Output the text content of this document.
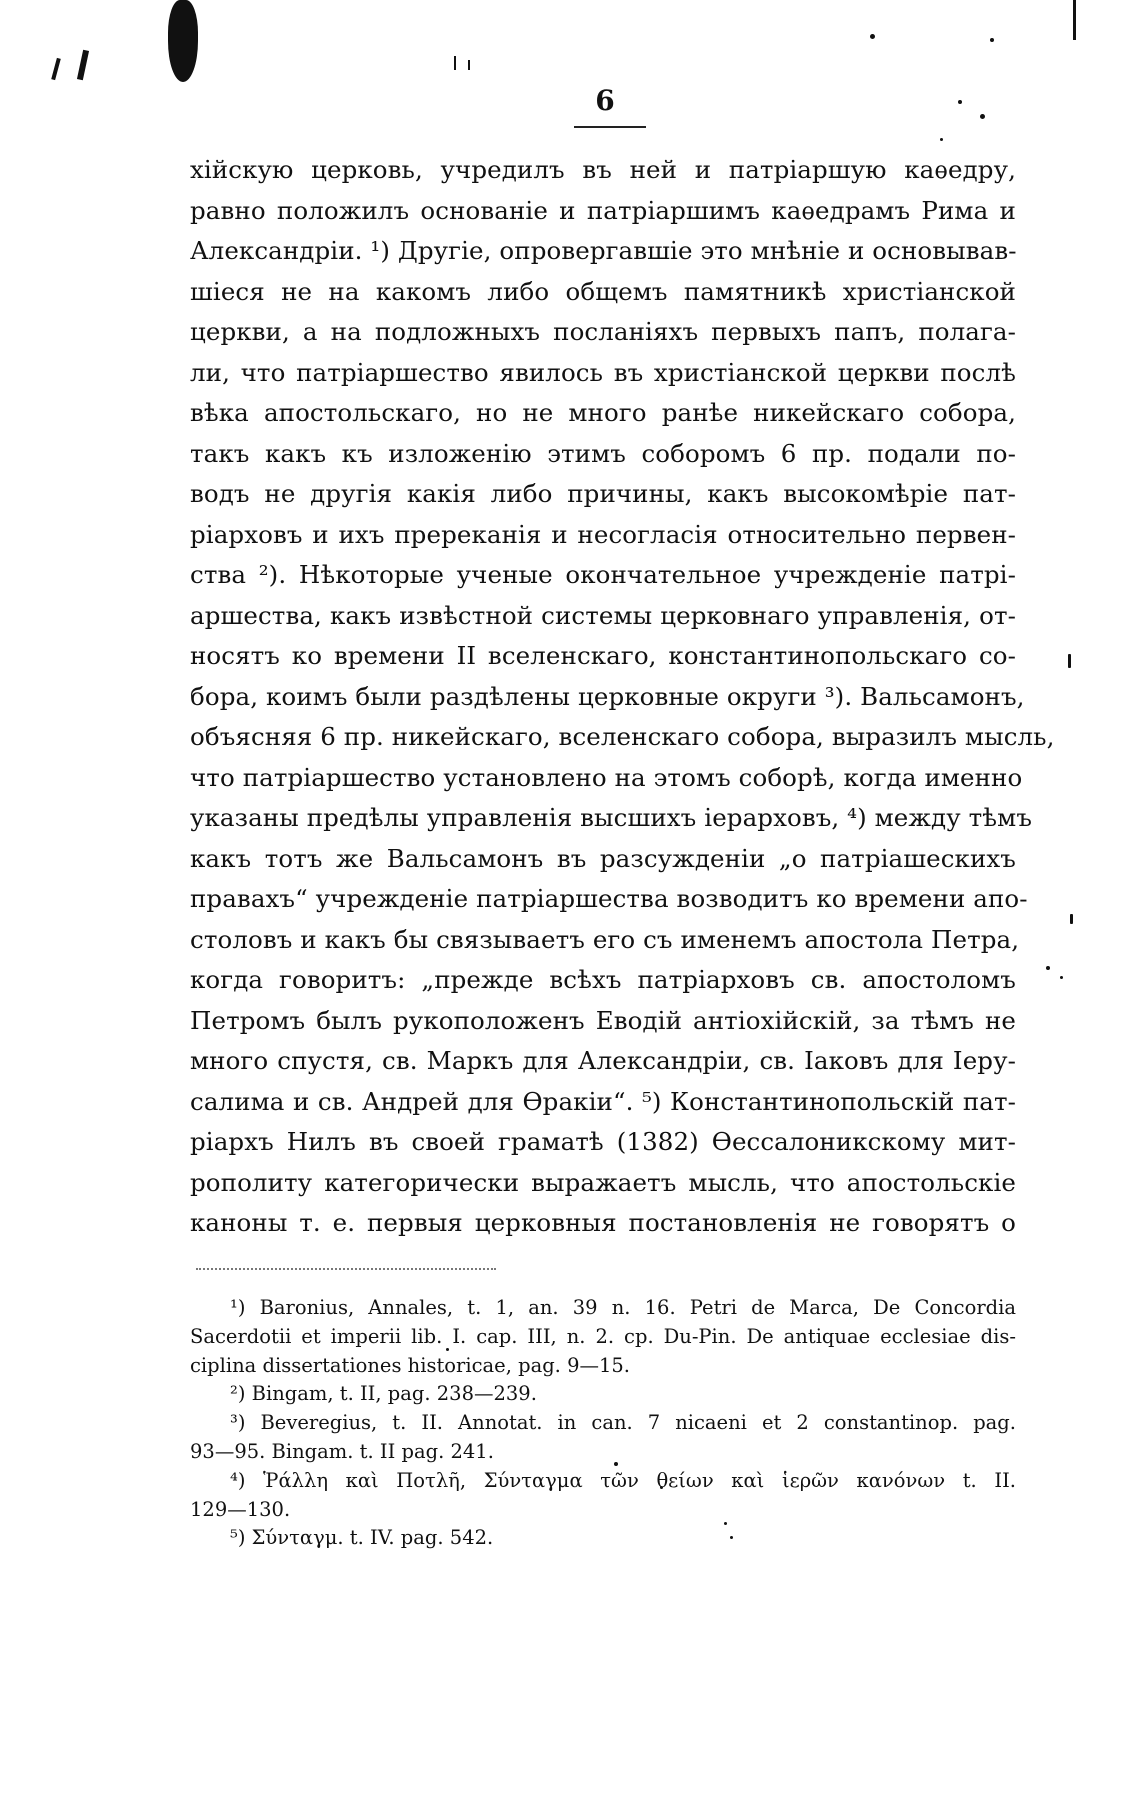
6
хiйскую церковь, учредилъ въ ней и патрiаршую каѳедру,
равно положилъ основанiе и патрiаршимъ каѳедрамъ Рима и
Александрiи. ¹) Другiе, опровергавшiе это мнѣнiе и основывав-
шiеся не на какомъ либо общемъ памятникѣ христiанской
церкви, а на подложныхъ посланiяхъ первыхъ папъ, полага-
ли, что патрiаршество явилось въ христiанской церкви послѣ
вѣка апостольскаго, но не много ранѣе никейскаго собора,
такъ какъ къ изложенiю этимъ соборомъ 6 пр. подали по-
водъ не другiя какiя либо причины, какъ высокомѣрiе пат-
рiарховъ и ихъ пререканiя и несогласiя относительно первен-
ства ²). Нѣкоторые ученые окончательное учрежденiе патрi-
аршества, какъ извѣстной системы церковнаго управленiя, от-
носятъ ко времени II вселенскаго, константинопольскаго со-
бора, коимъ были раздѣлены церковные округи ³). Вальсамонъ,
объясняя 6 пр. никейскаго, вселенскаго собора, выразилъ мысль,
что патрiаршество установлено на этомъ соборѣ, когда именно
указаны предѣлы управленiя высшихъ iерарховъ, ⁴) между тѣмъ
какъ тотъ же Вальсамонъ въ разсужденiи „о патрiашескихъ
правахъ“ учрежденiе патрiаршества возводитъ ко времени апо-
столовъ и какъ бы связываетъ его съ именемъ апостола Петра,
когда говоритъ: „прежде всѣхъ патрiарховъ св. апостоломъ
Петромъ былъ рукоположенъ Еводiй антiохiйскiй, за тѣмъ не
много спустя, св. Маркъ для Александрiи, св. Iаковъ для Iеру-
салима и св. Андрей для Ѳракiи“. ⁵) Константинопольскiй пат-
рiархъ Нилъ въ своей граматѣ (1382) Ѳессалоникскому мит-
рополиту категорически выражаетъ мысль, что апостольскiе
каноны т. е. первыя церковныя постановленiя не говорятъ о
¹) Baronius, Annales, t. 1, an. 39 n. 16. Petri de Marca, De Concordia
Sacerdotii et imperii lib. I. cap. III, n. 2. cp. Du-Pin. De antiquae ecclesiae dis-
ciplina dissertationes historicae, pag. 9—15.
²) Bingam, t. II, pag. 238—239.
³) Beveregius, t. II. Annotat. in can. 7 nicaeni et 2 constantinop. pag.
93—95. Bingam. t. II pag. 241.
⁴) Ῥάλλη καὶ Ποτλῆ, Σύνταγμα τῶν θείων καὶ ἱερῶν κανόνων t. II.
129—130.
⁵) Σύνταγμ. t. IV. pag. 542.
